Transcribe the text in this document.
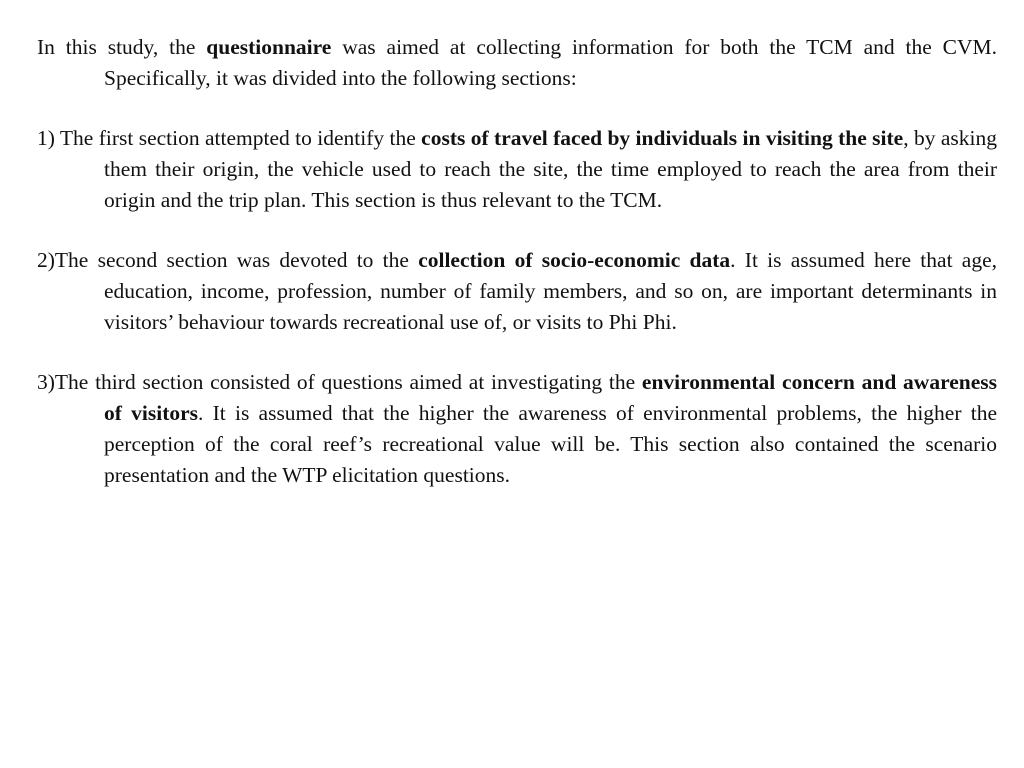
In this study, the questionnaire was aimed at collecting information for both the TCM and the CVM. Specifically, it was divided into the following sections:

1) The first section attempted to identify the costs of travel faced by individuals in visiting the site, by asking them their origin, the vehicle used to reach the site, the time employed to reach the area from their origin and the trip plan. This section is thus relevant to the TCM.

2)The second section was devoted to the collection of socio-economic data. It is assumed here that age, education, income, profession, number of family members, and so on, are important determinants in visitors’ behaviour towards recreational use of, or visits to Phi Phi.

3)The third section consisted of questions aimed at investigating the environmental concern and awareness of visitors. It is assumed that the higher the awareness of environmental problems, the higher the perception of the coral reef’s recreational value will be. This section also contained the scenario presentation and the WTP elicitation questions.
